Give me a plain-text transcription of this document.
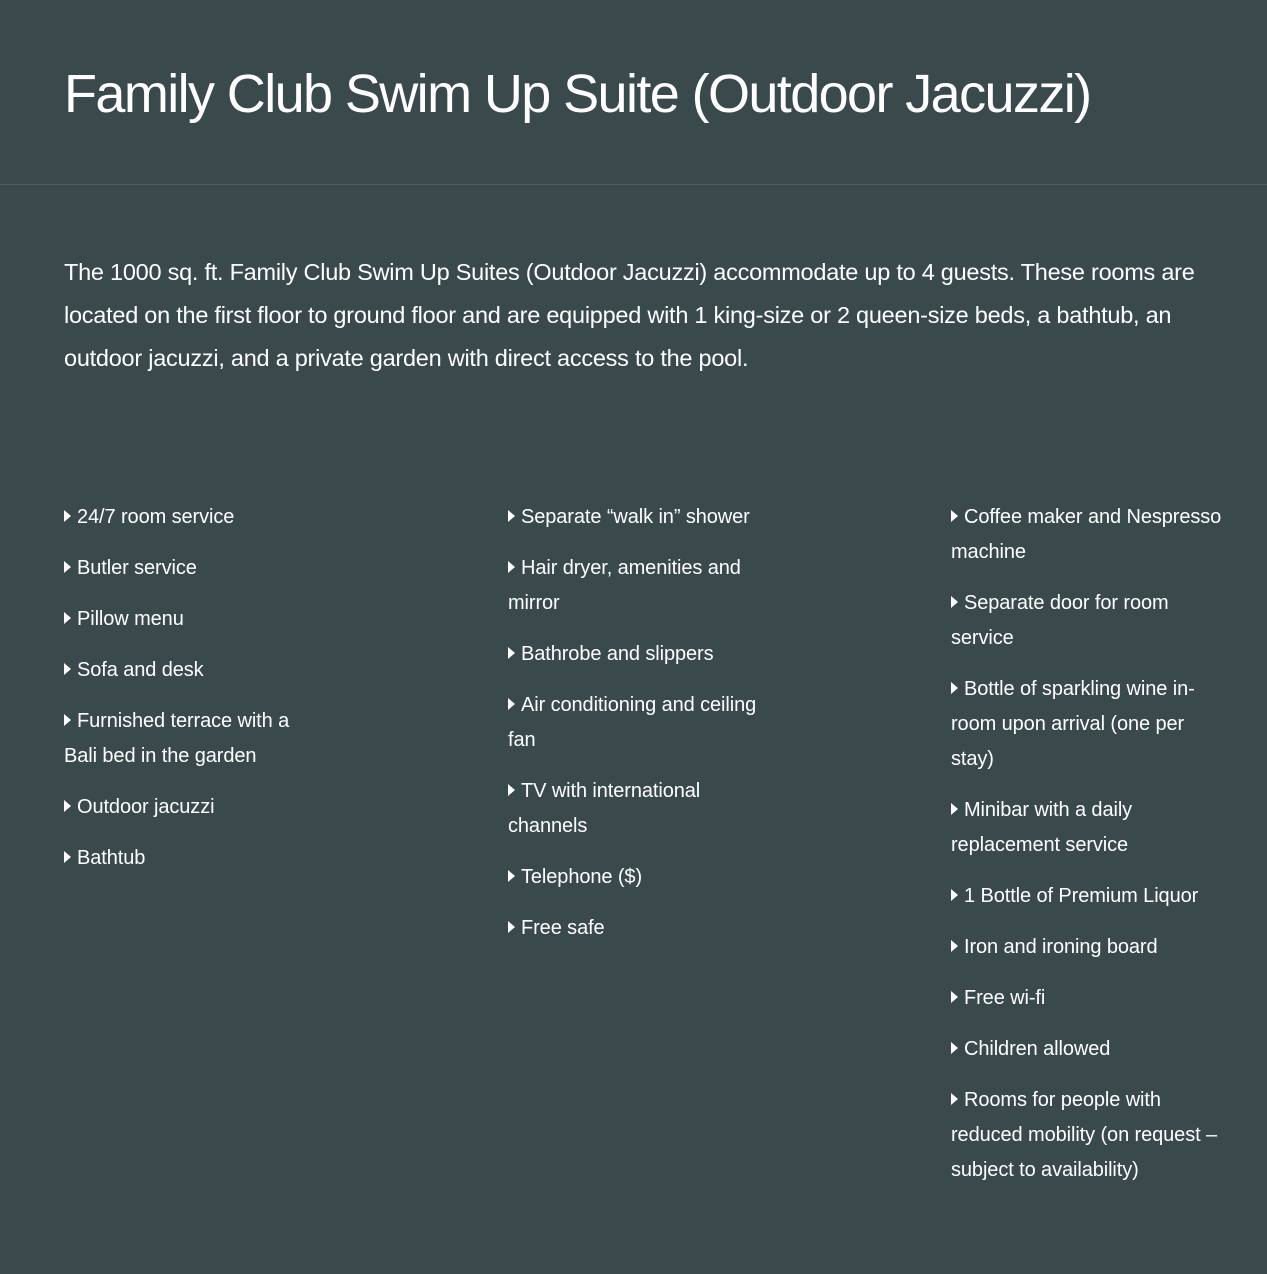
Family Club Swim Up Suite (Outdoor Jacuzzi)

The 1000 sq. ft. Family Club Swim Up Suites (Outdoor Jacuzzi) accommodate up to 4 guests. These rooms are located on the first floor to ground floor and are equipped with 1 king-size or 2 queen-size beds, a bathtub, an outdoor jacuzzi, and a private garden with direct access to the pool.

24/7 room service
Butler service
Pillow menu
Sofa and desk
Furnished terrace with a Bali bed in the garden
Outdoor jacuzzi
Bathtub
Separate “walk in” shower
Hair dryer, amenities and mirror
Bathrobe and slippers
Air conditioning and ceiling fan
TV with international channels
Telephone ($)
Free safe
Coffee maker and Nespresso machine
Separate door for room service
Bottle of sparkling wine in-room upon arrival (one per stay)
Minibar with a daily replacement service
1 Bottle of Premium Liquor
Iron and ironing board
Free wi-fi
Children allowed
Rooms for people with reduced mobility (on request – subject to availability)
